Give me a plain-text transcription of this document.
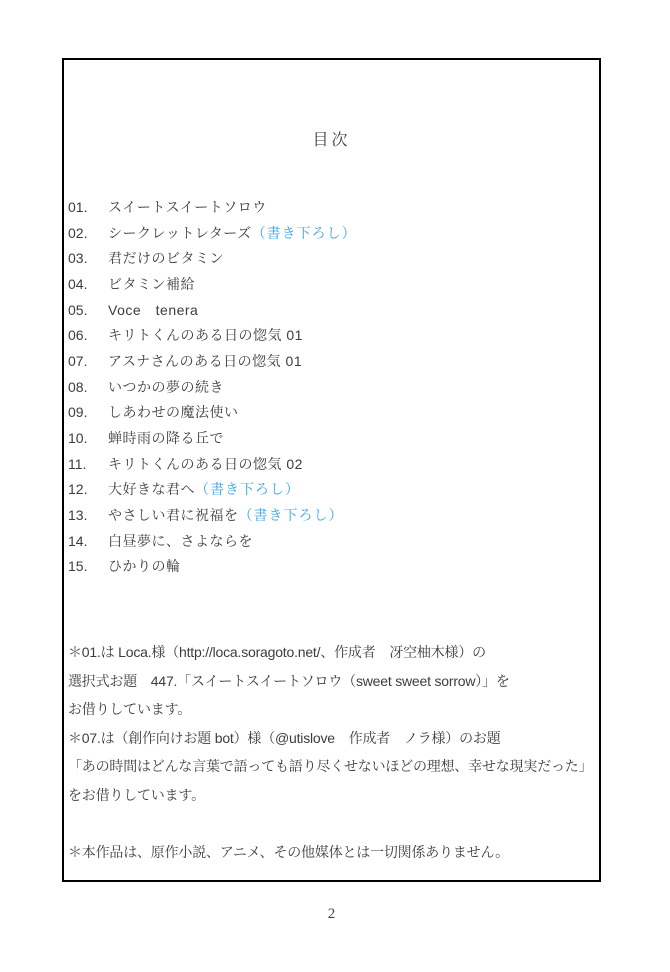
目次
01.	スイートスイートソロウ
02.	シークレットレターズ （書き下ろし）
03.	君だけのビタミン
04.	ビタミン補給
05.	Voce　tenera
06.	キリトくんのある日の惚気 01
07.	アスナさんのある日の惚気 01
08.	いつかの夢の続き
09.	しあわせの魔法使い
10.	蝉時雨の降る丘で
11.	キリトくんのある日の惚気 02
12.	大好きな君へ （書き下ろし）
13.	やさしい君に祝福を （書き下ろし）
14.	白昼夢に、さよならを
15.	ひかりの輪
＊01.は Loca.様（http://loca.soragoto.net/、作成者　冴空柚木様）の
選択式お題　447.「スイートスイートソロウ（sweet sweet sorrow）」を
お借りしています。
＊07.は（創作向けお題 bot）様（@utislove　作成者　ノラ様）のお題
「あの時間はどんな言葉で語っても語り尽くせないほどの理想、幸せな現実だった」
をお借りしています。
＊本作品は、原作小説、アニメ、その他媒体とは一切関係ありません。
2
